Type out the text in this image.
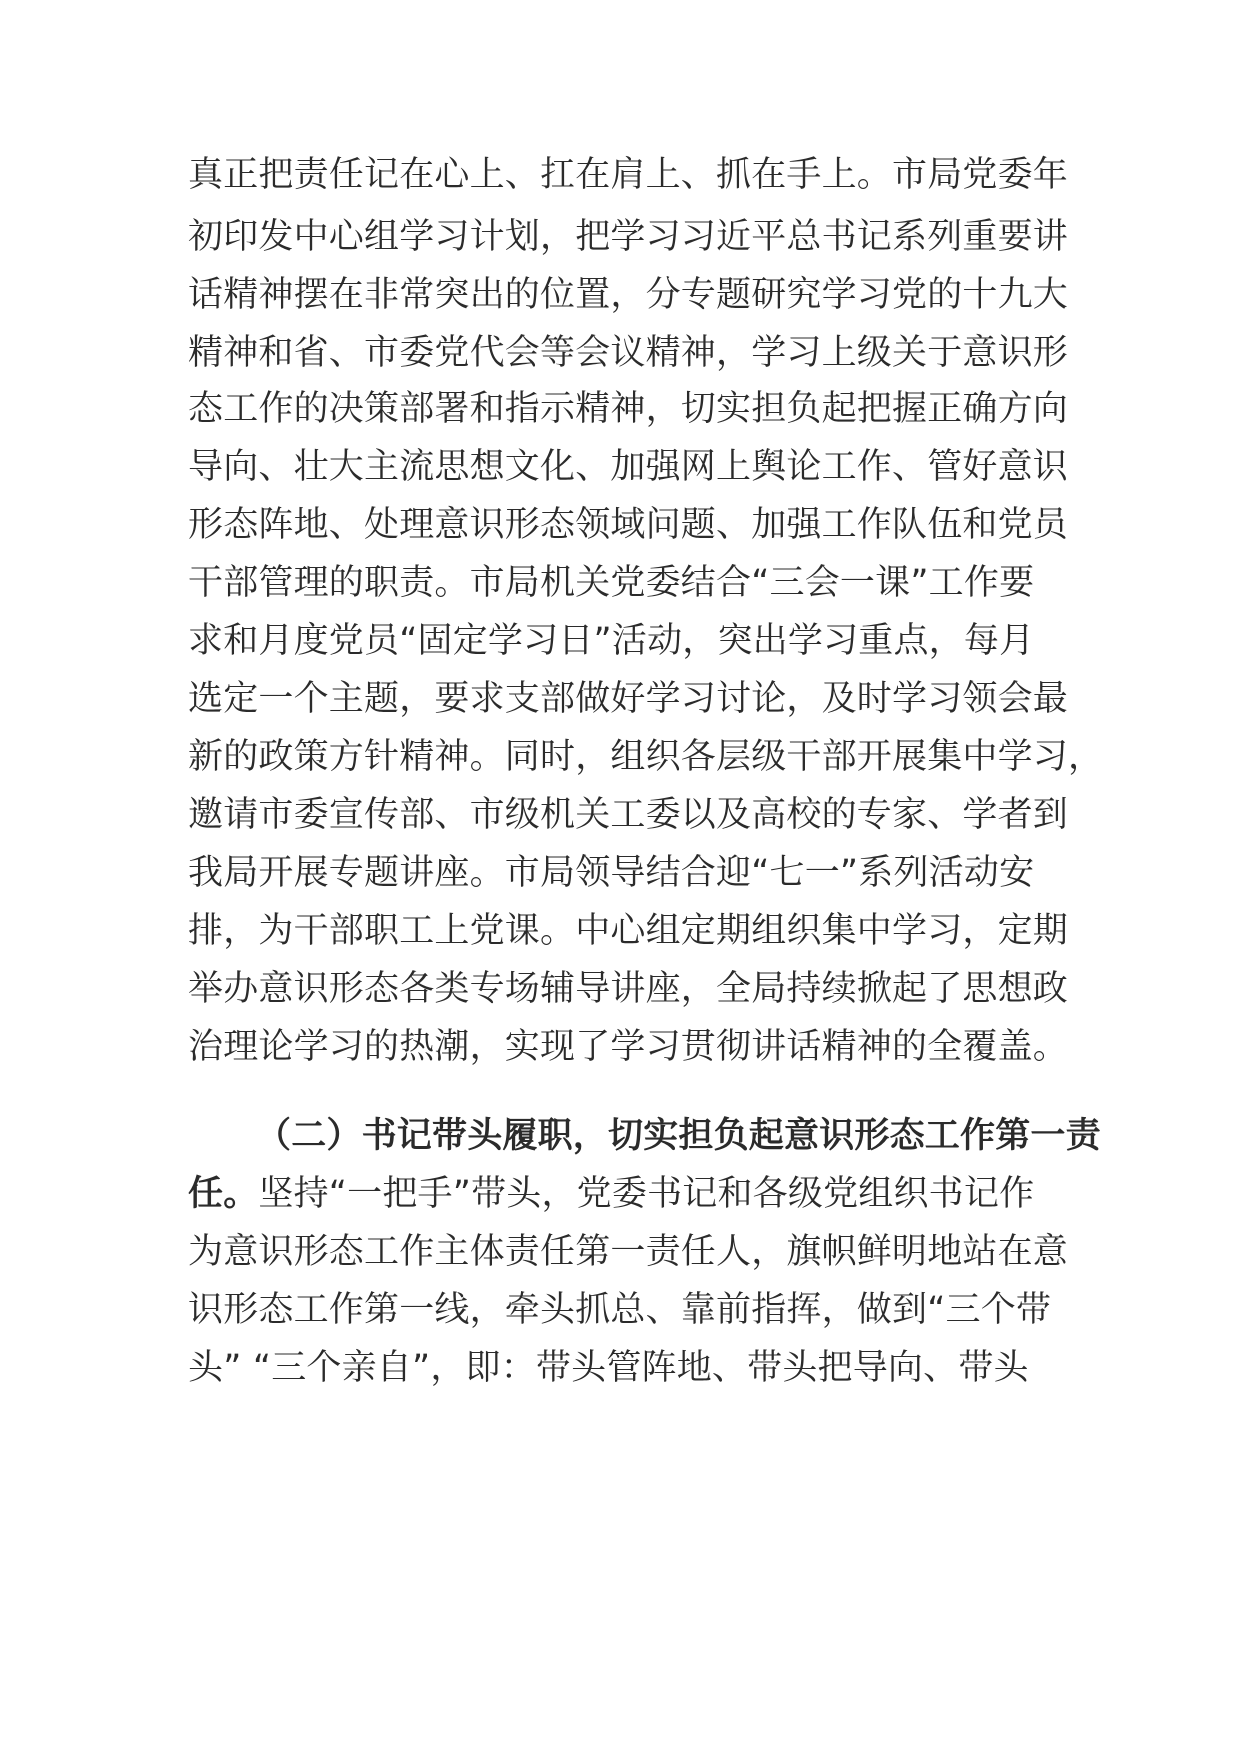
真正把责任记在心上、扛在肩上、抓在手上。市局党委年
初印发中心组学习计划，把学习习近平总书记系列重要讲
话精神摆在非常突出的位置，分专题研究学习党的十九大
精神和省、市委党代会等会议精神，学习上级关于意识形
态工作的决策部署和指示精神，切实担负起把握正确方向
导向、壮大主流思想文化、加强网上舆论工作、管好意识
形态阵地、处理意识形态领域问题、加强工作队伍和党员
干部管理的职责。市局机关党委结合“三会一课”工作要
求和月度党员“固定学习日”活动，突出学习重点，每月
选定一个主题，要求支部做好学习讨论，及时学习领会最
新的政策方针精神。同时，组织各层级干部开展集中学习，
邀请市委宣传部、市级机关工委以及高校的专家、学者到
我局开展专题讲座。市局领导结合迎“七一”系列活动安
排，为干部职工上党课。中心组定期组织集中学习，定期
举办意识形态各类专场辅导讲座，全局持续掀起了思想政
治理论学习的热潮，实现了学习贯彻讲话精神的全覆盖。
（二）书记带头履职，切实担负起意识形态工作第一责
任。坚持“一把手”带头，党委书记和各级党组织书记作
为意识形态工作主体责任第一责任人，旗帜鲜明地站在意
识形态工作第一线，牵头抓总、靠前指挥，做到“三个带
头” “三个亲自”，即：带头管阵地、带头把导向、带头
